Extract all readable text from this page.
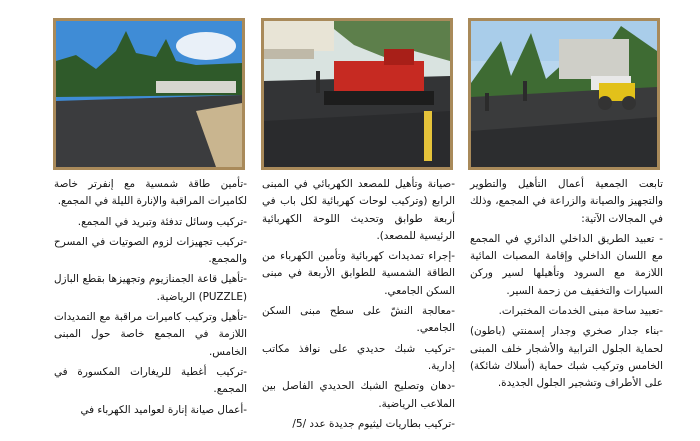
تابعت الجمعية أعمال التأهيل والتطوير والتجهيز والصيانة والزراعة في المجمع، وذلك في المجالات الآتية:

- تعبيد الطريق الداخلي الدائري في المجمع مع اللسان الداخلي وإقامة المصبات المائية اللازمة مع السرود وتأهيلها لسير وركن السيارات والتخفيف من زحمة السير.

-تعبيد ساحة مبنى الخدمات المختبرات.

-بناء جدار صخري وجدار إسمنتي (باطون) لحماية الجلول الترابية والأشجار خلف المبنى الخامس وتركيب شبك حماية (أسلاك شائكة) على الأطراف وتشجير الجلول الجديدة.

-صيانة وتأهيل للمصعد الكهربائي في المبنى الرابع (وتركيب لوحات كهربائية لكل باب في أربعة طوابق وتحديث اللوحة الكهربائية الرئيسية للمصعد).

-إجراء تمديدات كهربائية وتأمين الكهرباء من الطاقة الشمسية للطوابق الأربعة في مبنى السكن الجامعي.

-معالجة النشّ على سطح مبنى السكن الجامعي.

-تركيب شبك حديدي على نوافذ مكاتب إدارية.

-دهان وتصليح الشبك الحديدي الفاصل بين الملاعب الرياضية.

-تركيب بطاريات ليثيوم جديدة عدد /5/

-تأمين طاقة شمسية مع إنفرتر خاصة لكاميرات المراقبة والإنارة الليلة في المجمع.

-تركيب وسائل تدفئة وتبريد في المجمع.

-تركيب تجهيزات لزوم الصوتيات في المسرح والمجمع.

-تأهيل قاعة الجمنازيوم وتجهيزها بقطع البازل (PUZZLE) الرياضية.

-تأهيل وتركيب كاميرات مراقبة مع التمديدات اللازمة في المجمع خاصة حول المبنى الخامس.

-تركيب أغطية للريغارات المكسورة في المجمع.

-أعمال صيانة إنارة لعواميد الكهرباء في
